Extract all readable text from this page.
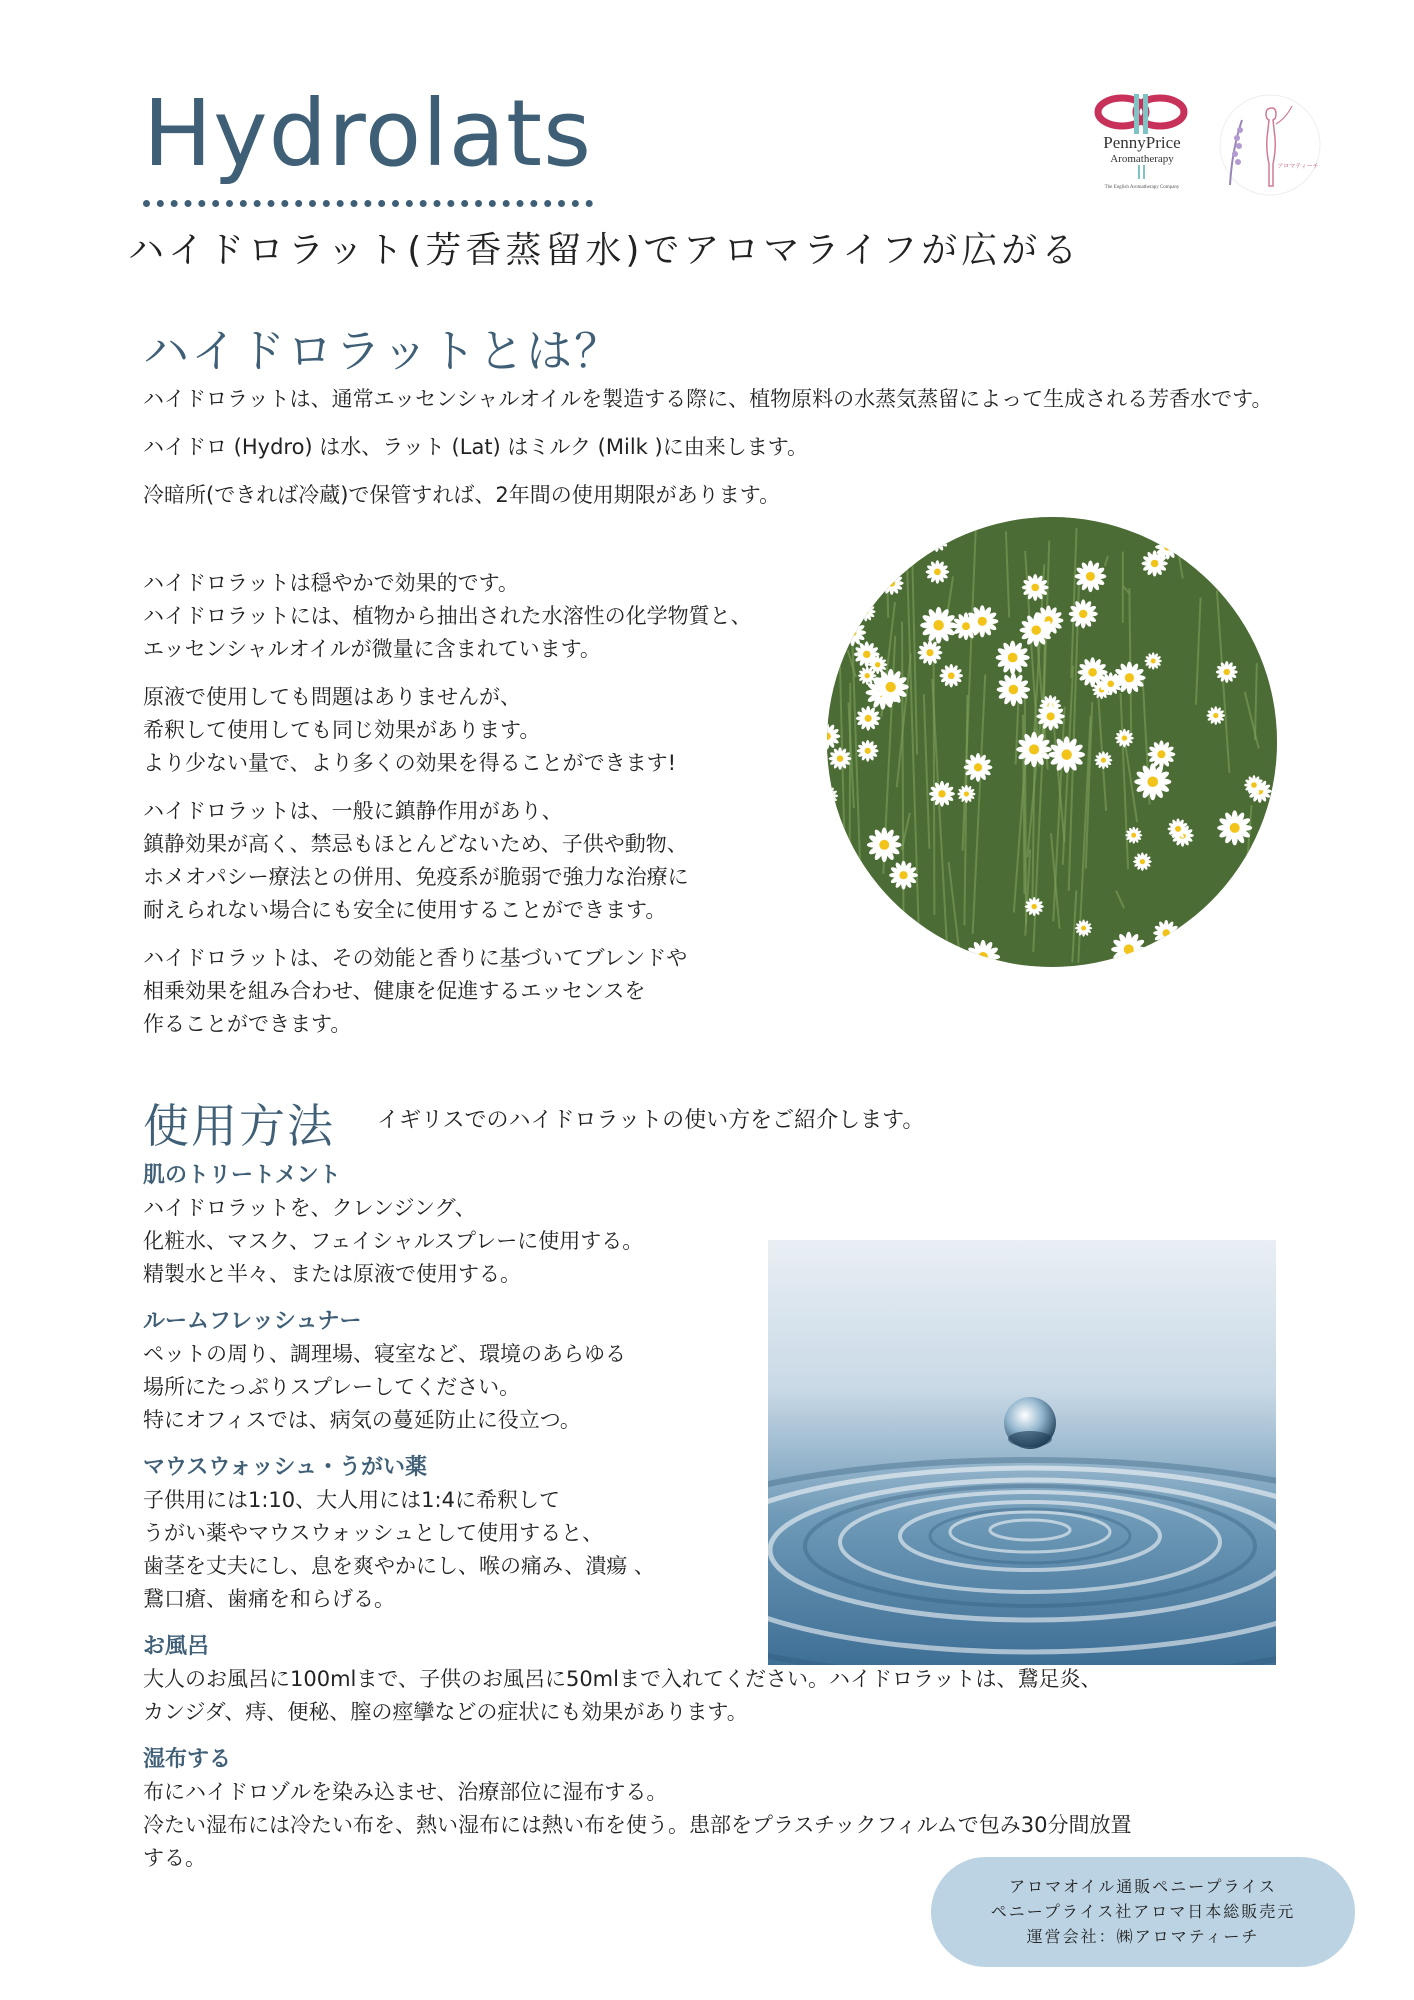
Hydrolats
ハイドロラット(芳香蒸留水)でアロマライフが広がる
PennyPrice
Aromatherapy
The English Aromatherapy Company
アロマティーチ
ハイドロラットとは？

ハイドロラットは、通常エッセンシャルオイルを製造する際に、植物原料の水蒸気蒸留によって生成される芳香水です。

ハイドロ (Hydro) は水、ラット (Lat) はミルク (Milk )に由来します。

冷暗所(できれば冷蔵)で保管すれば、2年間の使用期限があります。

ハイドロラットは穏やかで効果的です。
ハイドロラットには、植物から抽出された水溶性の化学物質と、
エッセンシャルオイルが微量に含まれています。

原液で使用しても問題はありませんが、
希釈して使用しても同じ効果があります。
より少ない量で、より多くの効果を得ることができます!

ハイドロラットは、一般に鎮静作用があり、
鎮静効果が高く、禁忌もほとんどないため、子供や動物、
ホメオパシー療法との併用、免疫系が脆弱で強力な治療に
耐えられない場合にも安全に使用することができます。

ハイドロラットは、その効能と香りに基づいてブレンドや
相乗効果を組み合わせ、健康を促進するエッセンスを
作ることができます。

使用方法 イギリスでのハイドロラットの使い方をご紹介します。
肌のトリートメント

ハイドロラットを、クレンジング、
化粧水、マスク、フェイシャルスプレーに使用する。
精製水と半々、または原液で使用する。

ルームフレッシュナー

ペットの周り、調理場、寝室など、環境のあらゆる
場所にたっぷりスプレーしてください。
特にオフィスでは、病気の蔓延防止に役立つ。

マウスウォッシュ・うがい薬

子供用には1:10、大人用には1:4に希釈して
うがい薬やマウスウォッシュとして使用すると、
歯茎を丈夫にし、息を爽やかにし、喉の痛み、潰瘍 、
鵞口瘡、歯痛を和らげる。

お風呂

大人のお風呂に100mlまで、子供のお風呂に50mlまで入れてください。ハイドロラットは、鵞足炎、
カンジダ、痔、便秘、膣の痙攣などの症状にも効果があります。

湿布する

布にハイドロゾルを染み込ませ、治療部位に湿布する。
冷たい湿布には冷たい布を、熱い湿布には熱い布を使う。患部をプラスチックフィルムで包み30分間放置
する。

アロマオイル通販ペニープライス
ペニープライス社アロマ日本総販売元
運営会社：㈱アロマティーチ
